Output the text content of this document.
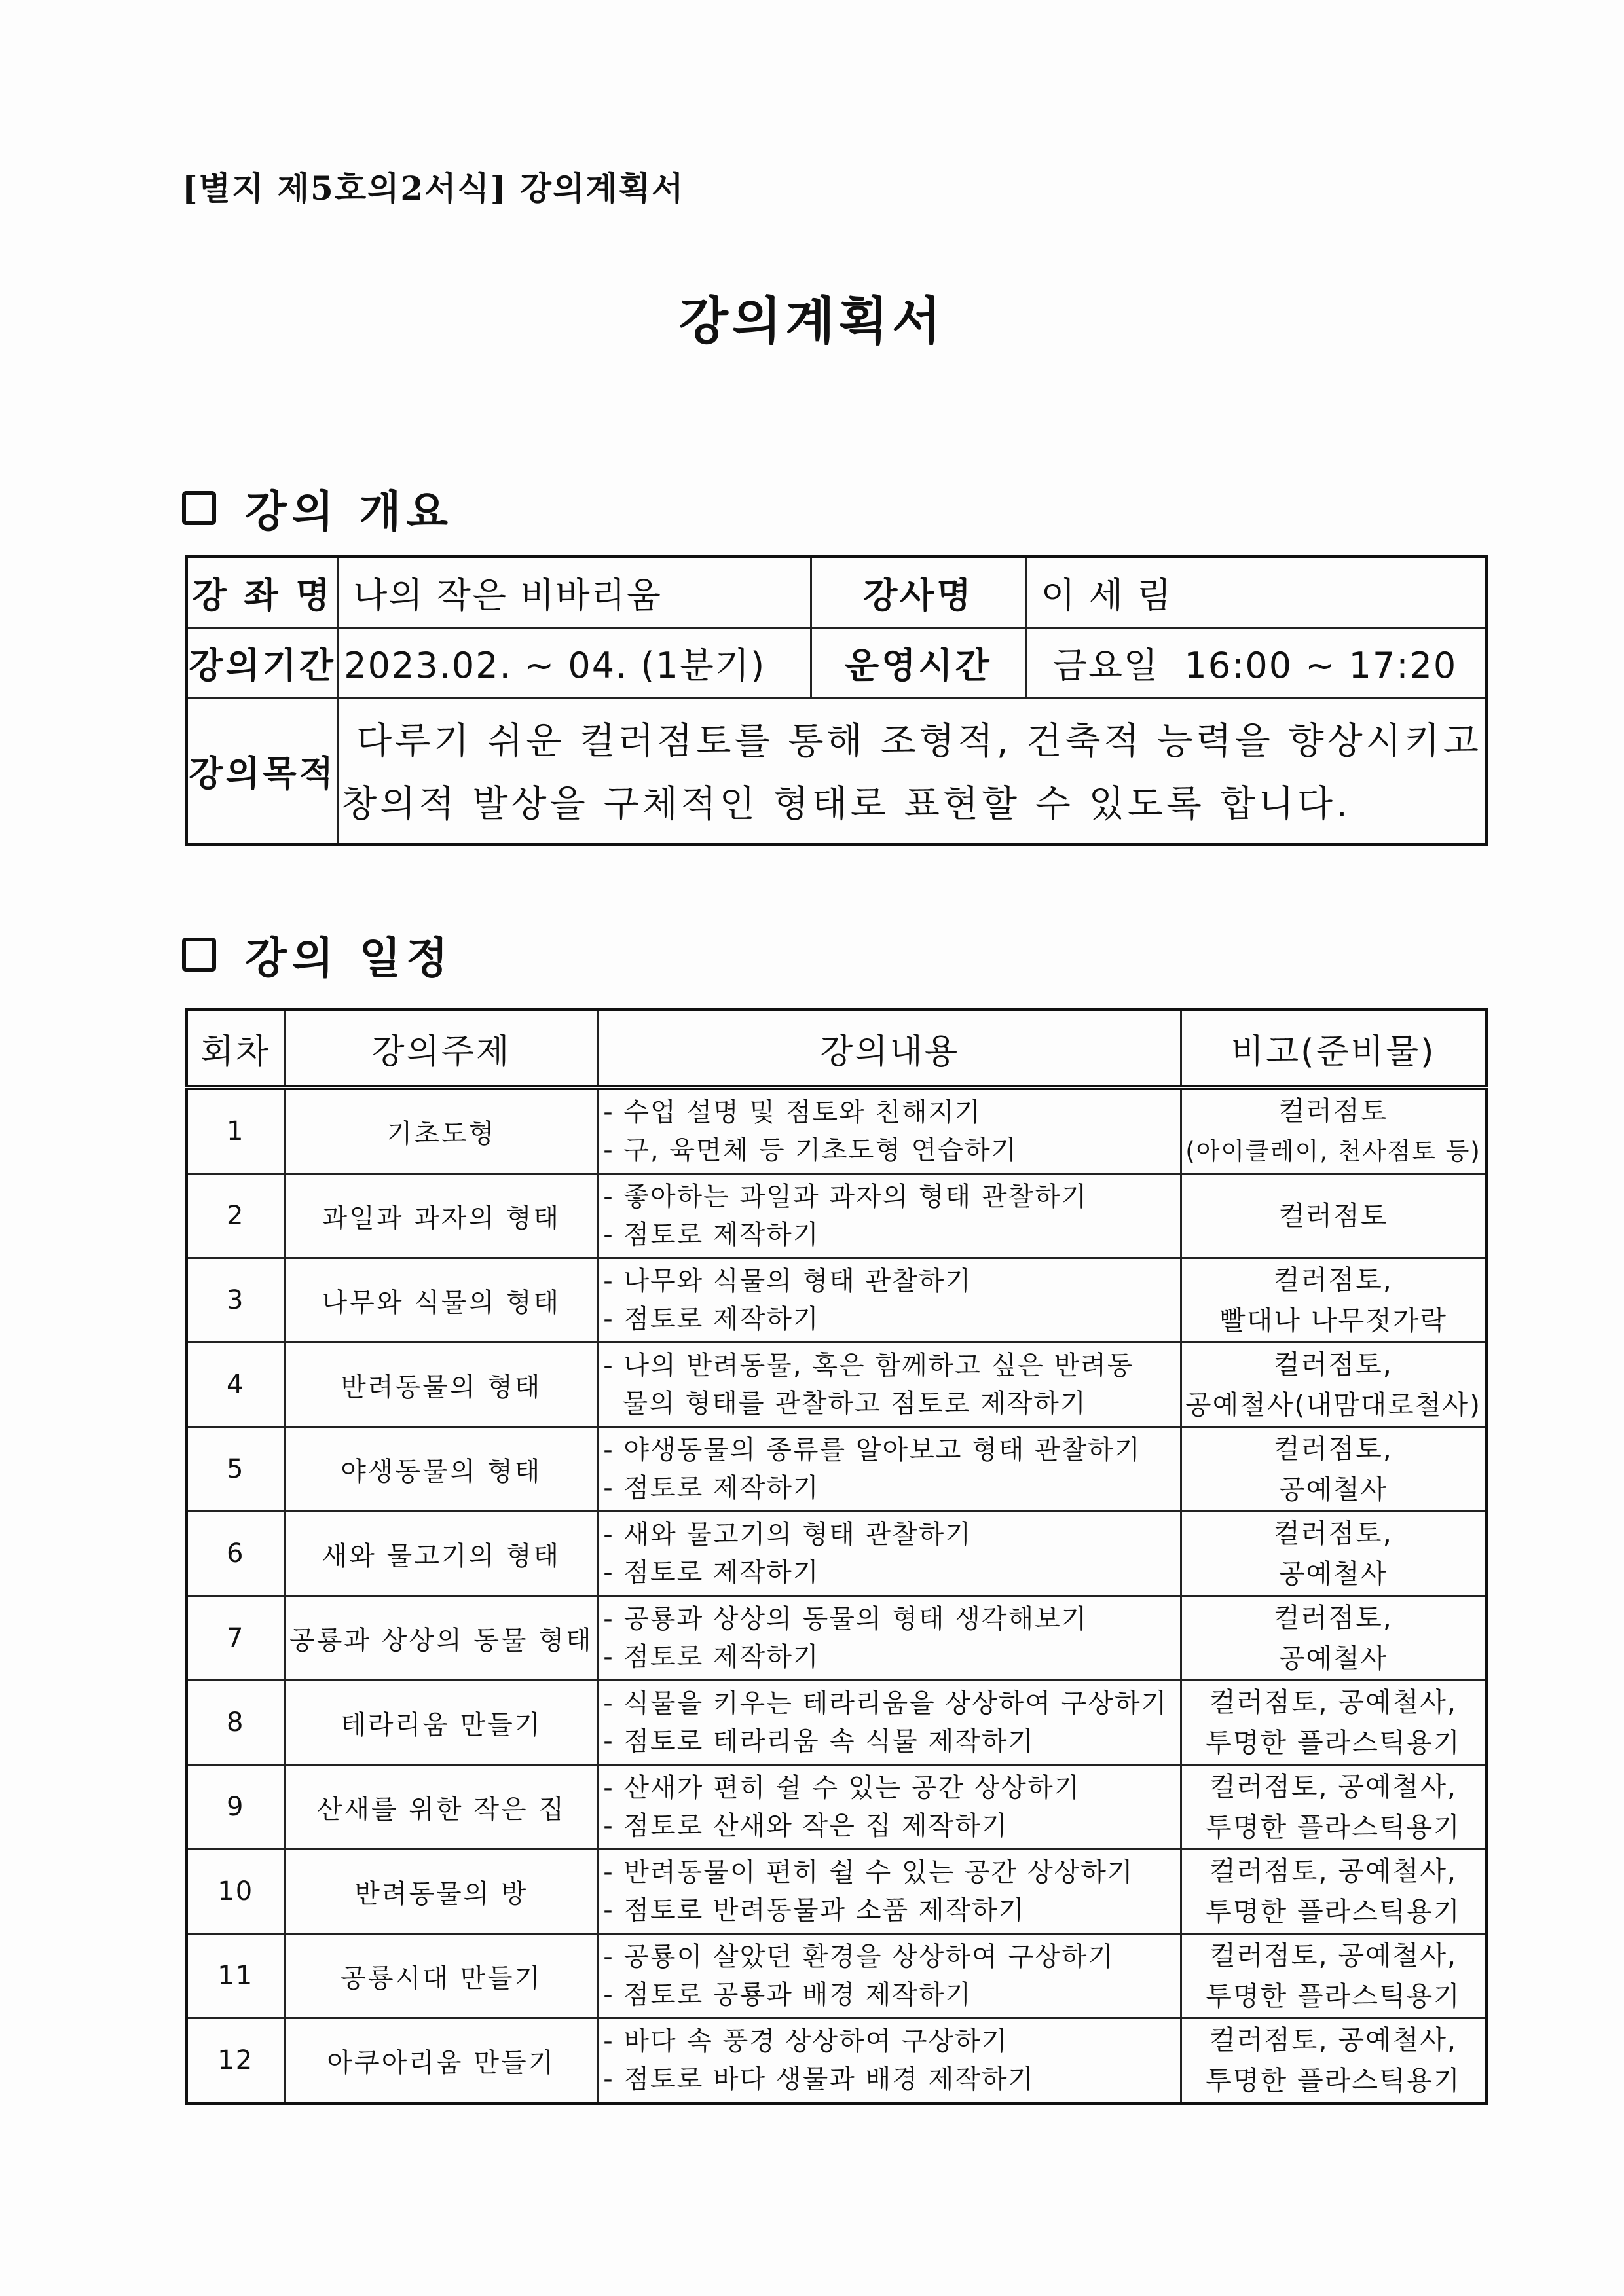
[별지 제5호의2서식] 강의계획서
강의계획서
강의 개요
강 좌 명	나의 작은 비바리움	강사명	이 세 림
강의기간	2023.02. ~ 04. (1분기)	운영시간	금요일  16:00 ~ 17:20
강의목적	다루기 쉬운 컬러점토를 통해 조형적, 건축적 능력을 향상시키고
창의적 발상을 구체적인 형태로 표현할 수 있도록 합니다.		
강의 일정
회차	강의주제	강의내용	비고(준비물)
1	기초도형	- 수업 설명 및 점토와 친해지기
- 구, 육면체 등 기초도형 연습하기	컬러점토
(아이클레이, 천사점토 등)

2	과일과 과자의 형태	- 좋아하는 과일과 과자의 형태 관찰하기
- 점토로 제작하기	컬러점토

3	나무와 식물의 형태	- 나무와 식물의 형태 관찰하기
- 점토로 제작하기	컬러점토,
빨대나 나무젓가락

4	반려동물의 형태	- 나의 반려동물, 혹은 함께하고 싶은 반려동
물의 형태를 관찰하고 점토로 제작하기	컬러점토,
공예철사(내맘대로철사)

5	야생동물의 형태	- 야생동물의 종류를 알아보고 형태 관찰하기
- 점토로 제작하기	컬러점토,
공예철사

6	새와 물고기의 형태	- 새와 물고기의 형태 관찰하기
- 점토로 제작하기	컬러점토,
공예철사

7	공룡과 상상의 동물 형태	- 공룡과 상상의 동물의 형태 생각해보기
- 점토로 제작하기	컬러점토,
공예철사

8	테라리움 만들기	- 식물을 키우는 테라리움을 상상하여 구상하기
- 점토로 테라리움 속 식물 제작하기	컬러점토, 공예철사,
투명한 플라스틱용기

9	산새를 위한 작은 집	- 산새가 편히 쉴 수 있는 공간 상상하기
- 점토로 산새와 작은 집 제작하기	컬러점토, 공예철사,
투명한 플라스틱용기

10	반려동물의 방	- 반려동물이 편히 쉴 수 있는 공간 상상하기
- 점토로 반려동물과 소품 제작하기	컬러점토, 공예철사,
투명한 플라스틱용기

11	공룡시대 만들기	- 공룡이 살았던 환경을 상상하여 구상하기
- 점토로 공룡과 배경 제작하기	컬러점토, 공예철사,
투명한 플라스틱용기

12	아쿠아리움 만들기	- 바다 속 풍경 상상하여 구상하기
- 점토로 바다 생물과 배경 제작하기	컬러점토, 공예철사,
투명한 플라스틱용기
